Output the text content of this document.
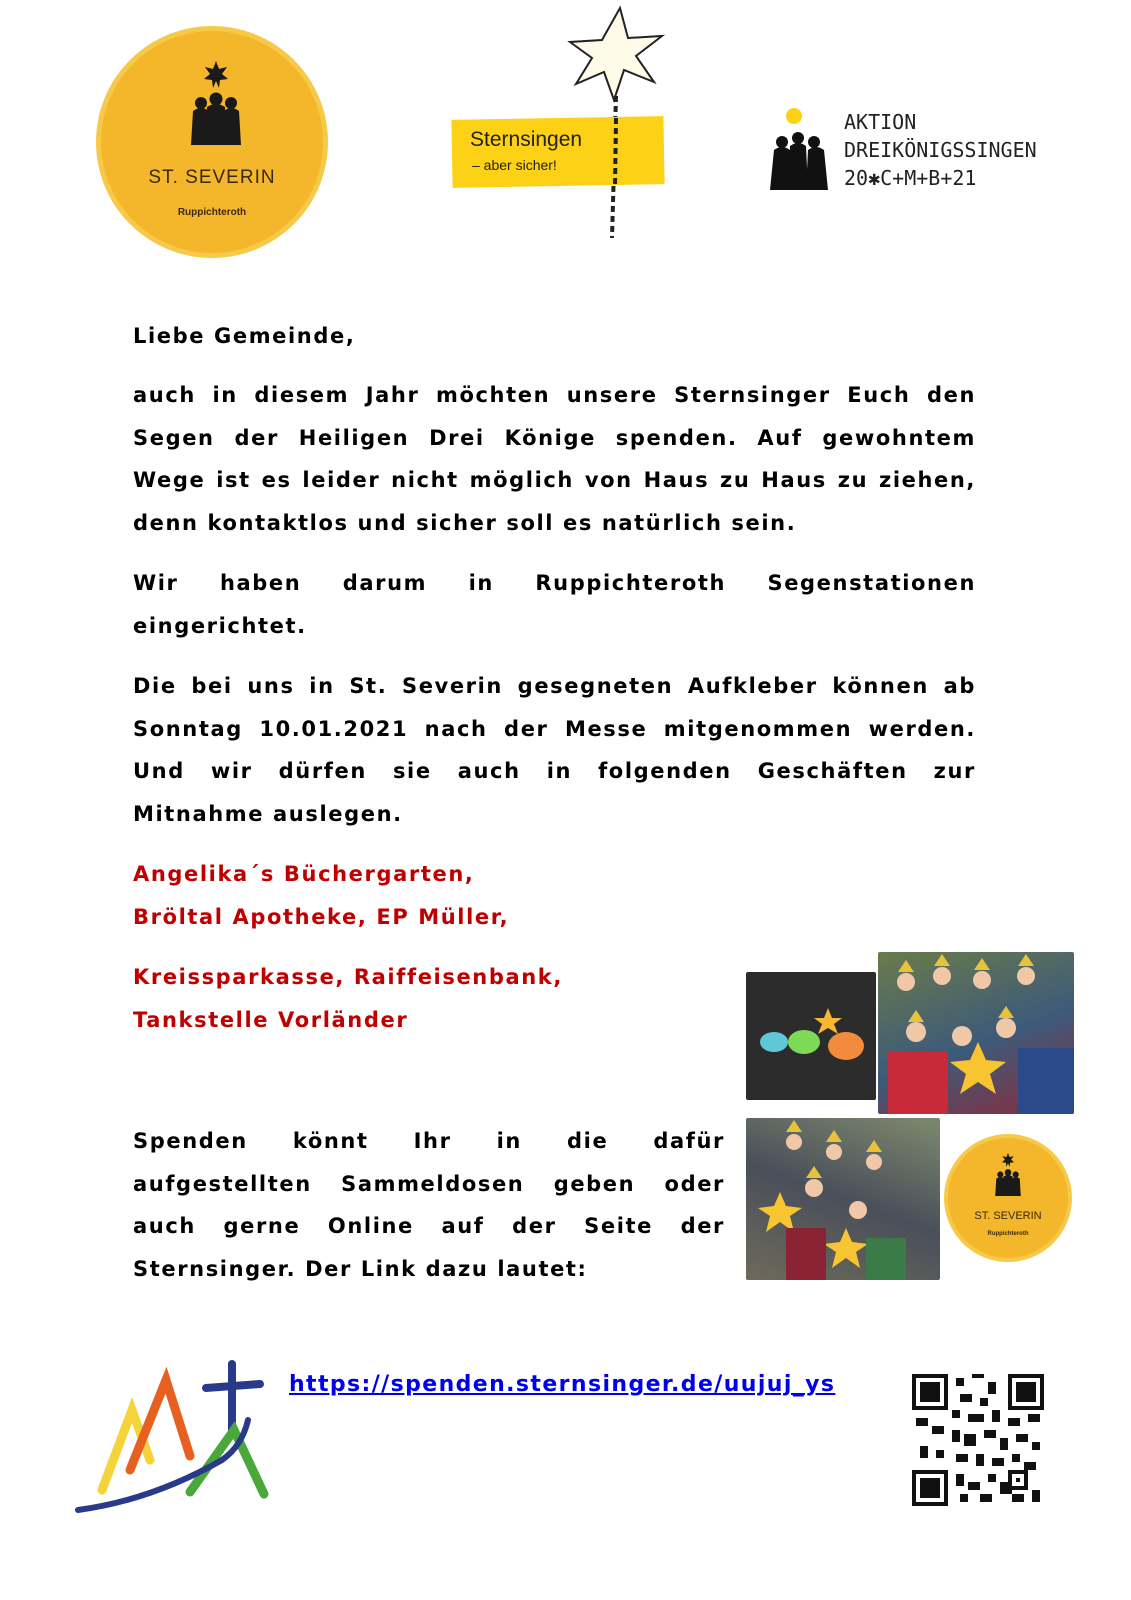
ST. SEVERIN
Ruppichteroth
Sternsingen
– aber sicher!
AKTION
DREIKÖNIGSSINGEN
20✱C+M+B+21

Liebe Gemeinde,

auch in diesem Jahr möchten unsere Sternsinger Euch den Segen der Heiligen Drei Könige spenden. Auf gewohntem Wege ist es leider nicht möglich von Haus zu Haus zu ziehen, denn kontaktlos und sicher soll es natürlich sein.

Wir haben darum in Ruppichteroth Segenstationen eingerichtet.

Die bei uns in St. Severin gesegneten Aufkleber können ab Sonntag 10.01.2021 nach der Messe mitgenommen werden. Und wir dürfen sie auch in folgenden Geschäften zur Mitnahme auslegen.

Angelika´s Büchergarten,
Bröltal Apotheke, EP Müller,
Kreissparkasse, Raiffeisenbank,
Tankstelle Vorländer

Spenden könnt Ihr in die dafür aufgestellten Sammeldosen geben oder auch gerne Online auf der Seite der Sternsinger. Der Link dazu lautet:

ST. SEVERIN
Ruppichteroth
https://spenden.sternsinger.de/uujuj_ys
